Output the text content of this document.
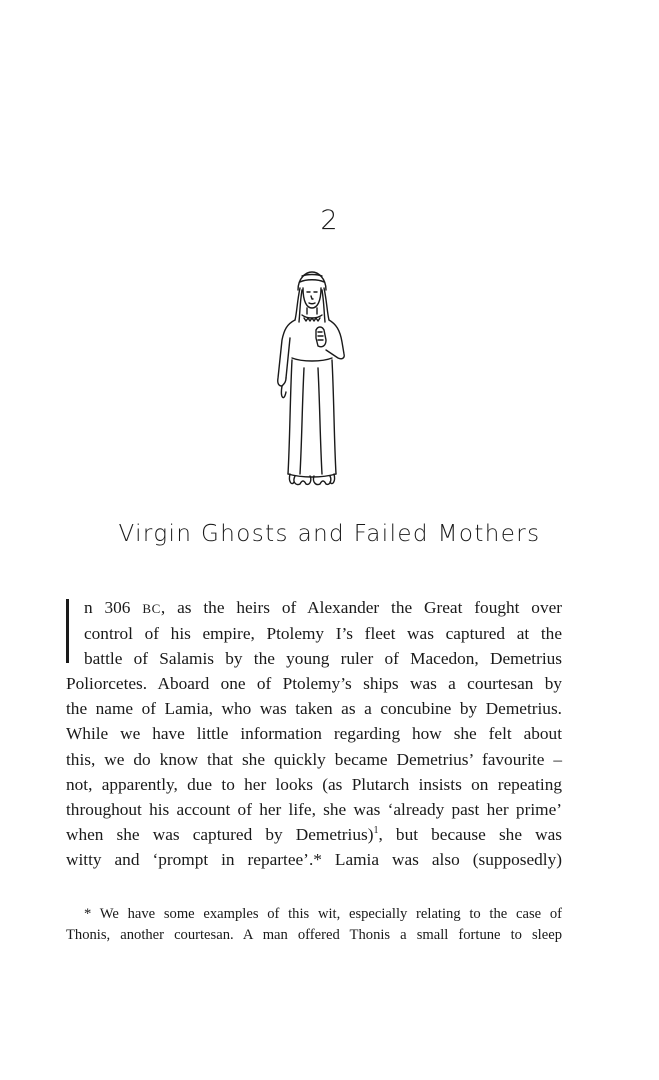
2
Virgin Ghosts and Failed Mothers
n 306 BC, as the heirs of Alexander the Great fought over
control of his empire, Ptolemy I’s fleet was captured at the
battle of Salamis by the young ruler of Macedon, Demetrius
Poliorcetes. Aboard one of Ptolemy’s ships was a courtesan by
the name of Lamia, who was taken as a concubine by Demetrius.
While we have little information regarding how she felt about
this, we do know that she quickly became Demetrius’ favourite –
not, apparently, due to her looks (as Plutarch insists on repeating
throughout his account of her life, she was ‘already past her prime’
when she was captured by Demetrius)$^1$, but because she was
witty and ‘prompt in repartee’.* Lamia was also (supposedly)
* We have some examples of this wit, especially relating to the case of
Thonis, another courtesan. A man offered Thonis a small fortune to sleep
